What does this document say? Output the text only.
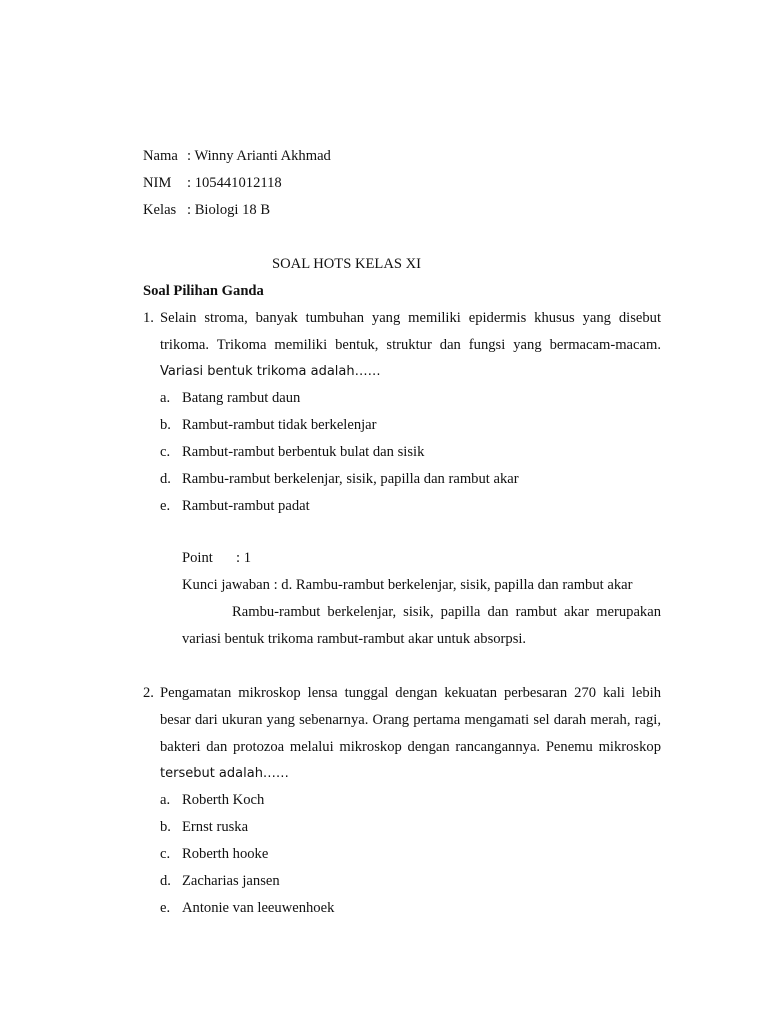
Nama : Winny Arianti Akhmad
NIM : 105441012118
Kelas : Biologi 18 B
SOAL HOTS KELAS XI
Soal Pilihan Ganda
1. Selain stroma, banyak tumbuhan yang memiliki epidermis khusus yang disebut
trikoma. Trikoma memiliki bentuk, struktur dan fungsi yang bermacam-macam.
Variasi bentuk trikoma adalah……
a. Batang rambut daun
b. Rambut-rambut tidak berkelenjar
c. Rambut-rambut berbentuk bulat dan sisik
d. Rambu-rambut berkelenjar, sisik, papilla dan rambut akar
e. Rambut-rambut padat
Point : 1
Kunci jawaban : d. Rambu-rambut berkelenjar, sisik, papilla dan rambut akar
Rambu-rambut berkelenjar, sisik, papilla dan rambut akar merupakan
variasi bentuk trikoma rambut-rambut akar untuk absorpsi.
2. Pengamatan mikroskop lensa tunggal dengan kekuatan perbesaran 270 kali lebih
besar dari ukuran yang sebenarnya. Orang pertama mengamati sel darah merah, ragi,
bakteri dan protozoa melalui mikroskop dengan rancangannya. Penemu mikroskop
tersebut adalah……
a. Roberth Koch
b. Ernst ruska
c. Roberth hooke
d. Zacharias jansen
e. Antonie van leeuwenhoek
